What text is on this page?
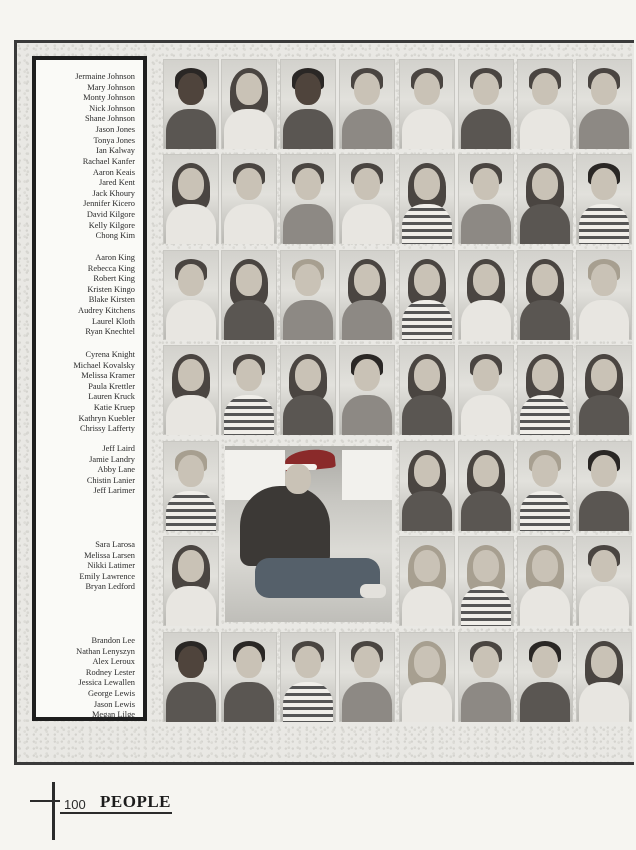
Jermaine Johnson
Mary Johnson
Monty Johnson
Nick Johnson
Shane Johnson
Jason Jones
Tonya Jones
Ian Kalway
Rachael Kanfer
Aaron Keais
Jared Kent
Jack Khoury
Jennifer Kicero
David Kilgore
Kelly Kilgore
Chong Kim
Aaron King
Rebecca King
Robert King
Kristen Kingo
Blake Kirsten
Audrey Kitchens
Laurel Kloth
Ryan Knechtel
Cyrena Knight
Michael Kovalsky
Melissa Kramer
Paula Krettler
Lauren Kruck
Katie Kruep
Kathryn Kuebler
Chrissy Lafferty
Jeff Laird
Jamie Landry
Abby Lane
Chistin Lanier
Jeff Larimer
Sara Larosa
Melissa Larsen
Nikki Latimer
Emily Lawrence
Bryan Ledford
Brandon Lee
Nathan Lenyszyn
Alex Leroux
Rodney Lester
Jessica Lewallen
George Lewis
Jason Lewis
Megan Lilge
100 PEOPLE
